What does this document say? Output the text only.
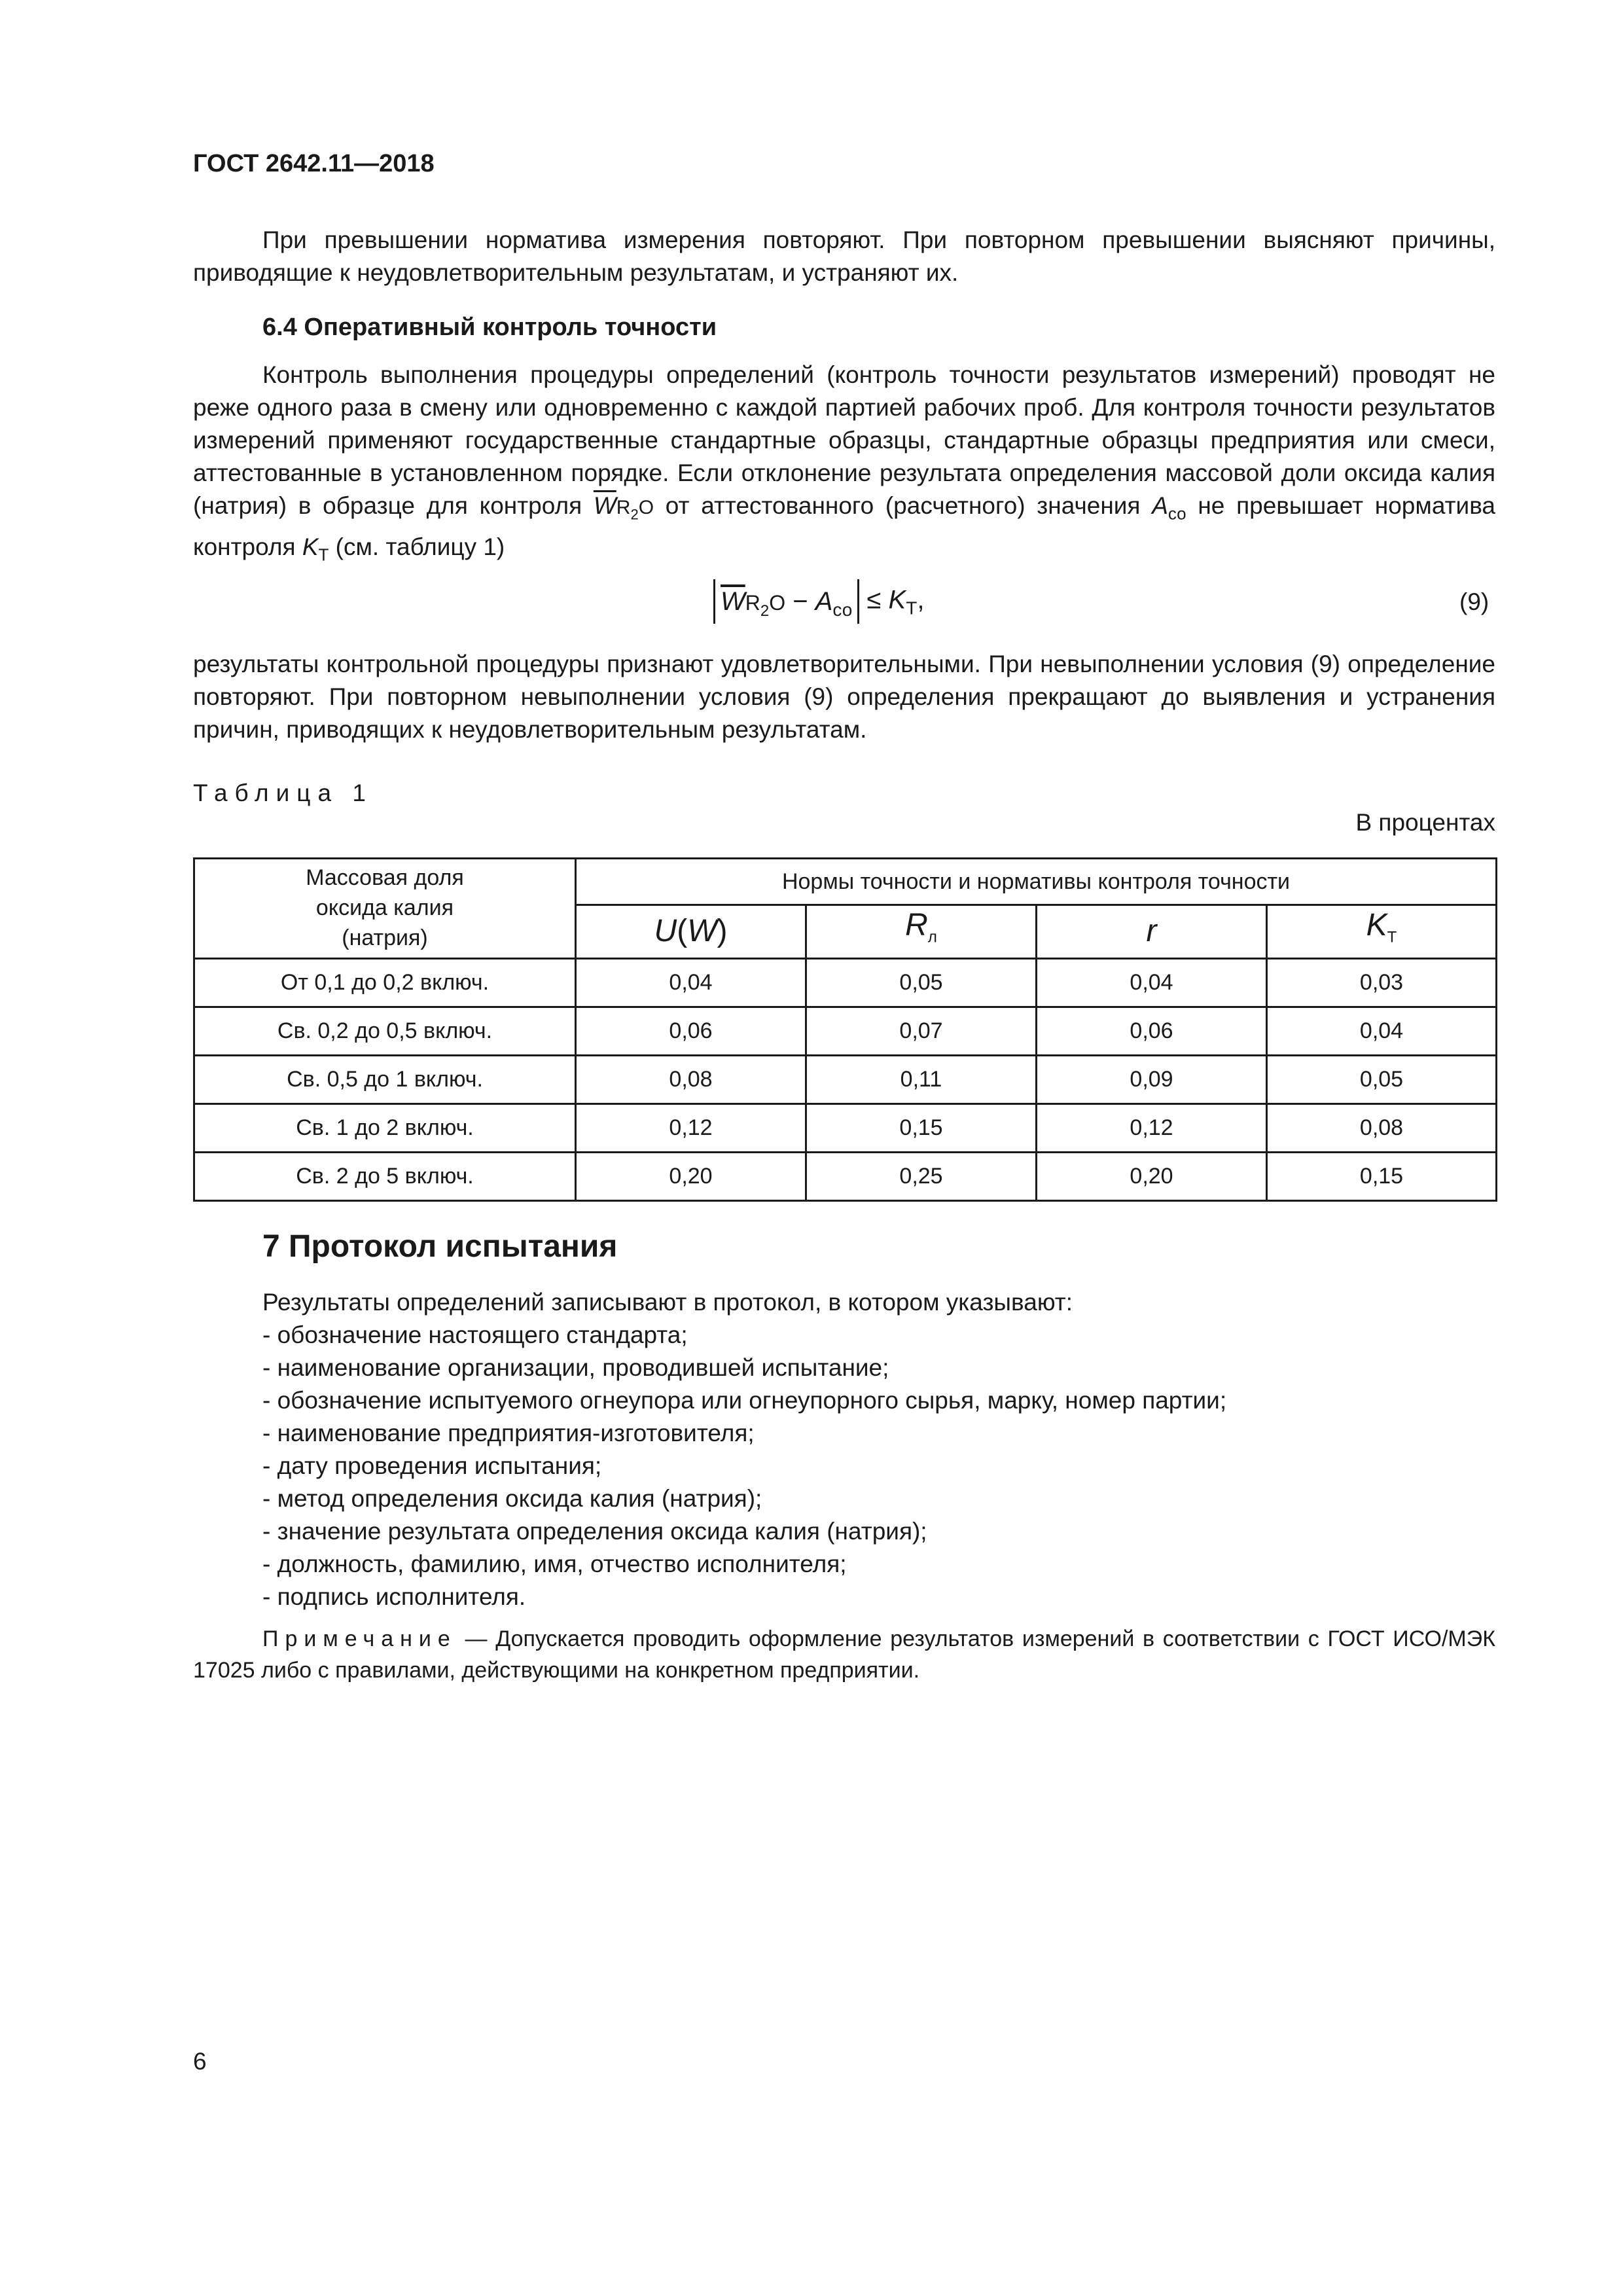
ГОСТ 2642.11—2018

При превышении норматива измерения повторяют. При повторном превышении выясняют причины, приводящие к неудовлетворительным результатам, и устраняют их.

6.4 Оперативный контроль точности

Контроль выполнения процедуры определений (контроль точности результатов измерений) проводят не реже одного раза в смену или одновременно с каждой партией рабочих проб. Для контроля точности результатов измерений применяют государственные стандартные образцы, стандартные образцы предприятия или смеси, аттестованные в установленном порядке. Если отклонение результата определения массовой доли оксида калия (натрия) в образце для контроля $\overline{W}R_2O$ от аттестованного (расчетного) значения $A_{со}$ не превышает норматива контроля $K_Т$ (см. таблицу 1)

$\overline{W}R_2O - A_{со} \le K_Т$,	(9)

результаты контрольной процедуры признают удовлетворительными. При невыполнении условия (9) определение повторяют. При повторном невыполнении условия (9) определения прекращают до выявления и устранения причин, приводящих к неудовлетворительным результатам.

Таблица 1
В процентах
Массовая доля оксида калия (натрия)	Нормы точности и нормативы контроля точности			
	U(W)	$R_л$	r	$K_Т$
От 0,1 до 0,2 включ.	0,04	0,05	0,04	0,03
Св. 0,2 до 0,5 включ.	0,06	0,07	0,06	0,04
Св. 0,5 до 1 включ.	0,08	0,11	0,09	0,05
Св. 1 до 2 включ.	0,12	0,15	0,12	0,08
Св. 2 до 5 включ.	0,20	0,25	0,20	0,15
7 Протокол испытания
Результаты определений записывают в протокол, в котором указывают:
- обозначение настоящего стандарта;
- наименование организации, проводившей испытание;
- обозначение испытуемого огнеупора или огнеупорного сырья, марку, номер партии;
- наименование предприятия-изготовителя;
- дату проведения испытания;
- метод определения оксида калия (натрия);
- значение результата определения оксида калия (натрия);
- должность, фамилию, имя, отчество исполнителя;
- подпись исполнителя.

Примечание — Допускается проводить оформление результатов измерений в соответствии с ГОСТ ИСО/МЭК 17025 либо с правилами, действующими на конкретном предприятии.

6
